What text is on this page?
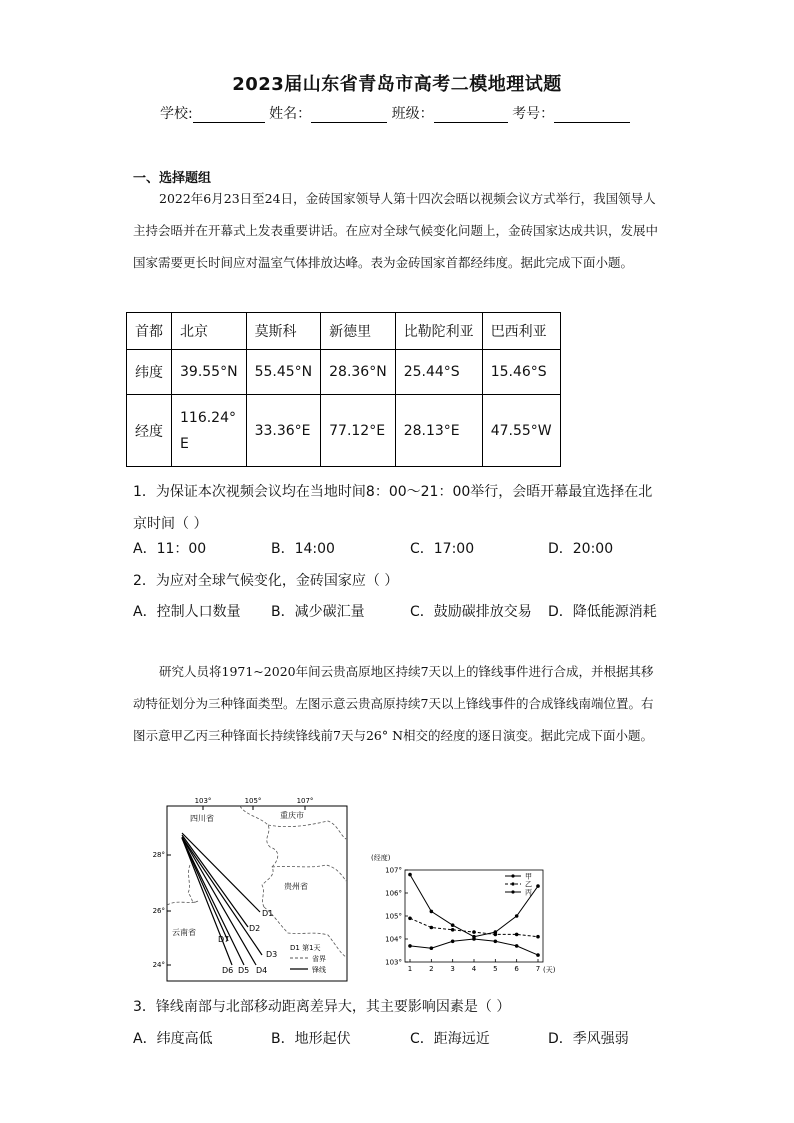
2023届山东省青岛市高考二模地理试题
学校:	姓名：	班级：	考号：
一、选择题组
2022年6月23日至24日，金砖国家领导人第十四次会晤以视频会议方式举行，我国领导人主持会晤并在开幕式上发表重要讲话。在应对全球气候变化问题上，金砖国家达成共识，发展中国家需要更长时间应对温室气体排放达峰。表为金砖国家首都经纬度。据此完成下面小题。
首都	北京	莫斯科	新德里	比勒陀利亚	巴西利亚
纬度	39.55°N	55.45°N	28.36°N	25.44°S	15.46°S
经度	116.24°E	33.36°E	77.12°E	28.13°E	47.55°W
1．为保证本次视频会议均在当地时间8：00～21：00举行，会晤开幕最宜选择在北京时间（ ）
A．11：00	B．14:00	C．17:00	D．20:00
2．为应对全球气候变化，金砖国家应（ ）
A．控制人口数量 B．减少碳汇量	C．鼓励碳排放交易 D．降低能源消耗
研究人员将1971~2020年间云贵高原地区持续7天以上的锋线事件进行合成，并根据其移动特征划分为三种锋面类型。左图示意云贵高原持续7天以上锋线事件的合成锋线南端位置。右图示意甲乙丙三种锋面长持续锋线前7天与26° N相交的经度的逐日演变。据此完成下面小题。
103°	105°	107°
28°
26°
24°
四川省	重庆市
贵州省
云南省
D1
D2
D3
D4
D5
D6
D7
D1 第1天
省界
锋线
(经度)
(天)
103°
104°
105°
106°
107°
1 2 3 4 5 6 7
甲
乙
丙
3．锋线南部与北部移动距离差异大，其主要影响因素是（ ）
A．纬度高低	B．地形起伏	C．距海远近	D．季风强弱
